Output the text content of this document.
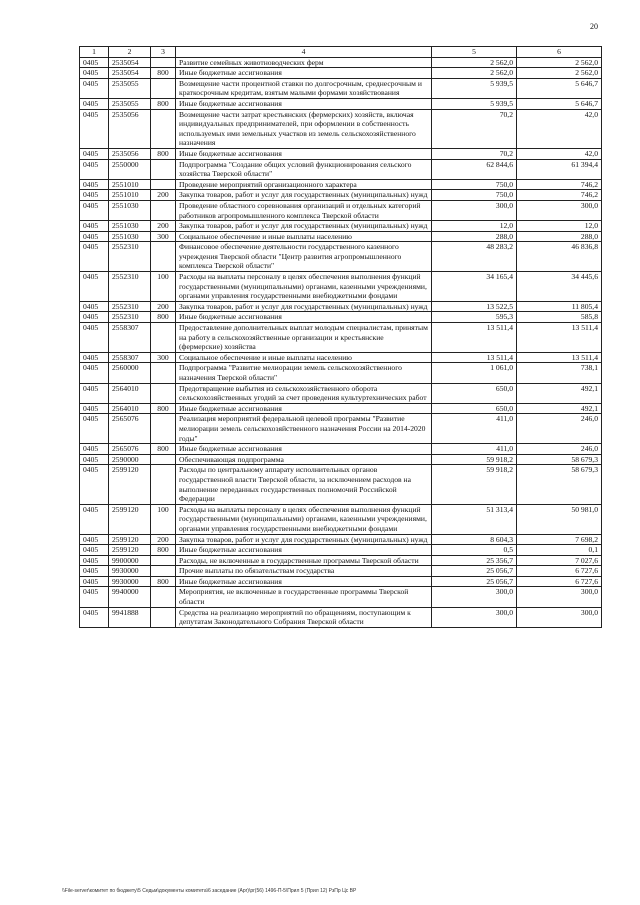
20
1	2	3	4	5	6
0405	2535054		Развитие семейных животноводческих ферм	2 562,0	2 562,0
0405	2535054	800	Иные бюджетные ассигнования	2 562,0	2 562,0
0405	2535055		Возмещение части процентной ставки по долгосрочным, среднесрочным и краткосрочным кредитам, взятым малыми формами хозяйствования	5 939,5	5 646,7
0405	2535055	800	Иные бюджетные ассигнования	5 939,5	5 646,7
0405	2535056		Возмещение части затрат крестьянских (фермерских) хозяйств, включая индивидуальных предпринимателей, при оформлении в собственность используемых ими земельных участков из земель сельскохозяйственного назначения	70,2	42,0
0405	2535056	800	Иные бюджетные ассигнования	70,2	42,0
0405	2550000		Подпрограмма "Создание общих условий функционирования сельского хозяйства Тверской области"	62 844,6	61 394,4
0405	2551010		Проведение мероприятий организационного характера	750,0	746,2
0405	2551010	200	Закупка товаров, работ и услуг для государственных (муниципальных) нужд	750,0	746,2
0405	2551030		Проведение областного соревнования организаций и отдельных категорий работников агропромышленного комплекса Тверской области	300,0	300,0
0405	2551030	200	Закупка товаров, работ и услуг для государственных (муниципальных) нужд	12,0	12,0
0405	2551030	300	Социальное обеспечение и иные выплаты населению	288,0	288,0
0405	2552310		Финансовое обеспечение деятельности государственного казенного учреждения Тверской области "Центр развития агропромышленного комплекса Тверской области"	48 283,2	46 836,8
0405	2552310	100	Расходы на выплаты персоналу в целях обеспечения выполнения функций государственными (муниципальными) органами, казенными учреждениями, органами управления государственными внебюджетными фондами	34 165,4	34 445,6
0405	2552310	200	Закупка товаров, работ и услуг для государственных (муниципальных) нужд	13 522,5	11 805,4
0405	2552310	800	Иные бюджетные ассигнования	595,3	585,8
0405	2558307		Предоставление дополнительных выплат молодым специалистам, принятым на работу в сельскохозяйственные организации и крестьянские (фермерские) хозяйства	13 511,4	13 511,4
0405	2558307	300	Социальное обеспечение и иные выплаты населению	13 511,4	13 511,4
0405	2560000		Подпрограмма "Развитие мелиорации земель сельскохозяйственного назначения Тверской области"	1 061,0	738,1
0405	2564010		Предотвращение выбытия из сельскохозяйственного оборота сельскохозяйственных угодий за счет проведения культуртехнических работ	650,0	492,1
0405	2564010	800	Иные бюджетные ассигнования	650,0	492,1
0405	2565076		Реализация мероприятий федеральной целевой программы "Развитие мелиорации земель сельскохозяйственного назначения России на 2014-2020 годы"	411,0	246,0
0405	2565076	800	Иные бюджетные ассигнования	411,0	246,0
0405	2590000		Обеспечивающая подпрограмма	59 918,2	58 679,3
0405	2599120		Расходы по центральному аппарату исполнительных органов государственной власти Тверской области, за исключением расходов на выполнение переданных государственных полномочий Российской Федерации	59 918,2	58 679,3
0405	2599120	100	Расходы на выплаты персоналу в целях обеспечения выполнения функций государственными (муниципальными) органами, казенными учреждениями, органами управления государственными внебюджетными фондами	51 313,4	50 981,0
0405	2599120	200	Закупка товаров, работ и услуг для государственных (муниципальных) нужд	8 604,3	7 698,2
0405	2599120	800	Иные бюджетные ассигнования	0,5	0,1
0405	9900000		Расходы, не включенные в государственные программы Тверской области	25 356,7	7 027,6
0405	9930000		Прочие выплаты по обязательствам государства	25 056,7	6 727,6
0405	9930000	800	Иные бюджетные ассигнования	25 056,7	6 727,6
0405	9940000		Мероприятия, не включенные в государственные программы Тверской области	300,0	300,0
0405	9941888		Средства на реализацию мероприятий по обращениям, поступающим к депутатам Законодательного Собрания Тверской области	300,0	300,0
\\File-server\комитет по бюджету\5 Седьм\документы комитета\6 заседание (Apr)\pr(56) 1496-П-5\Прил 5 (Прил 12) РзПр Цс ВР
